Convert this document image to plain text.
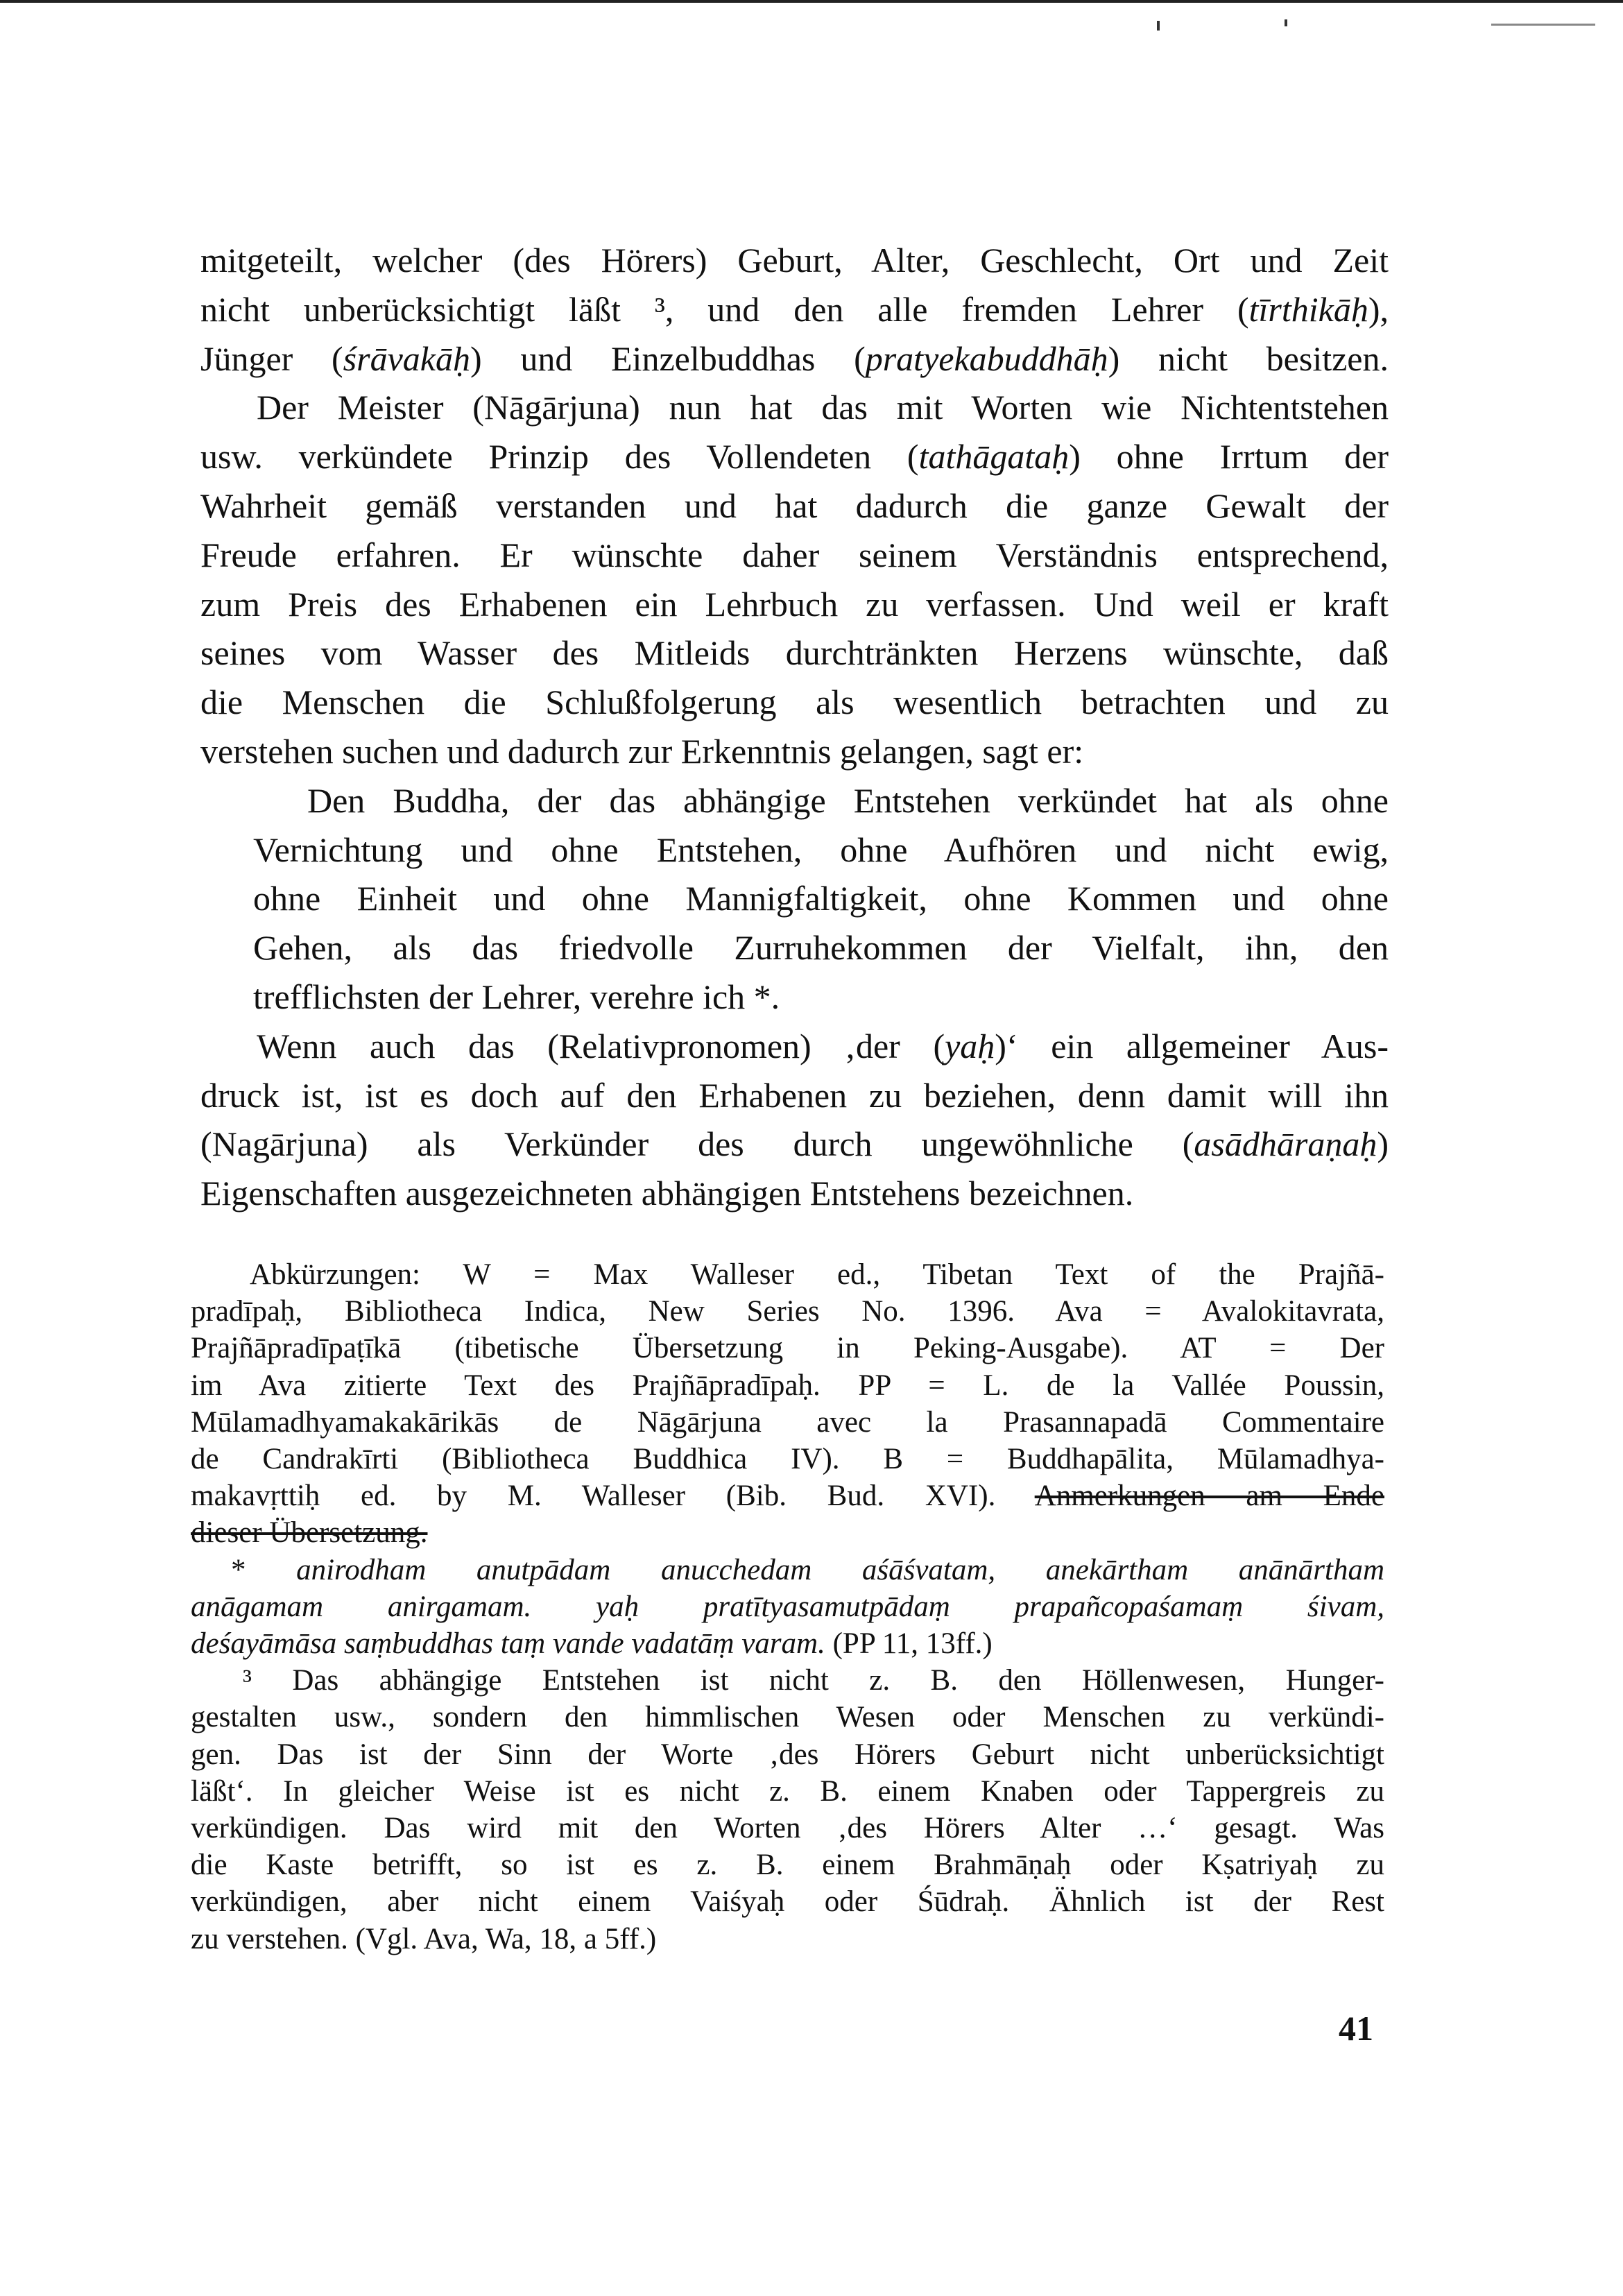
mitgeteilt, welcher (des Hörers) Geburt, Alter, Geschlecht, Ort und Zeit
nicht unberücksichtigt läßt ³, und den alle fremden Lehrer (tīrthikāḥ),
Jünger (śrāvakāḥ) und Einzelbuddhas (pratyekabuddhāḥ) nicht besitzen.
Der Meister (Nāgārjuna) nun hat das mit Worten wie Nichtentstehen
usw. verkündete Prinzip des Vollendeten (tathāgataḥ) ohne Irrtum der
Wahrheit gemäß verstanden und hat dadurch die ganze Gewalt der
Freude erfahren. Er wünschte daher seinem Verständnis entsprechend,
zum Preis des Erhabenen ein Lehrbuch zu verfassen. Und weil er kraft
seines vom Wasser des Mitleids durchtränkten Herzens wünschte, daß
die Menschen die Schlußfolgerung als wesentlich betrachten und zu
verstehen suchen und dadurch zur Erkenntnis gelangen, sagt er:
Den Buddha, der das abhängige Entstehen verkündet hat als ohne
Vernichtung und ohne Entstehen, ohne Aufhören und nicht ewig,
ohne Einheit und ohne Mannigfaltigkeit, ohne Kommen und ohne
Gehen, als das friedvolle Zurruhekommen der Vielfalt, ihn, den
trefflichsten der Lehrer, verehre ich *.
Wenn auch das (Relativpronomen) ‚der (yaḥ)‘ ein allgemeiner Aus-
druck ist, ist es doch auf den Erhabenen zu beziehen, denn damit will ihn
(Nagārjuna) als Verkünder des durch ungewöhnliche (asādhāraṇaḥ)
Eigenschaften ausgezeichneten abhängigen Entstehens bezeichnen.
Abkürzungen: W = Max Walleser ed., Tibetan Text of the Prajñā-
pradīpaḥ, Bibliotheca Indica, New Series No. 1396. Ava = Avalokitavrata,
Prajñāpradīpaṭīkā (tibetische Übersetzung in Peking-Ausgabe). AT = Der
im Ava zitierte Text des Prajñāpradīpaḥ. PP = L. de la Vallée Poussin,
Mūlamadhyamakakārikās de Nāgārjuna avec la Prasannapadā Commentaire
de Candrakīrti (Bibliotheca Buddhica IV). B = Buddhapālita, Mūlamadhya-
makavṛttiḥ ed. by M. Walleser (Bib. Bud. XVI). Anmerkungen am Ende
dieser Übersetzung.
* anirodham anutpādam anucchedam aśāśvatam, anekārtham anānārtham
anāgamam anirgamam. yaḥ pratītyasamutpādaṃ prapañcopaśamaṃ śivam,
deśayāmāsa saṃbuddhas taṃ vande vadatāṃ varam. (PP 11, 13ff.)
³ Das abhängige Entstehen ist nicht z. B. den Höllenwesen, Hunger-
gestalten usw., sondern den himmlischen Wesen oder Menschen zu verkündi-
gen. Das ist der Sinn der Worte ‚des Hörers Geburt nicht unberücksichtigt
läßt‘. In gleicher Weise ist es nicht z. B. einem Knaben oder Tappergreis zu
verkündigen. Das wird mit den Worten ‚des Hörers Alter …‘ gesagt. Was
die Kaste betrifft, so ist es z. B. einem Brahmāṇaḥ oder Kṣatriyaḥ zu
verkündigen, aber nicht einem Vaiśyaḥ oder Śūdraḥ. Ähnlich ist der Rest
zu verstehen. (Vgl. Ava, Wa, 18, a 5ff.)
41
